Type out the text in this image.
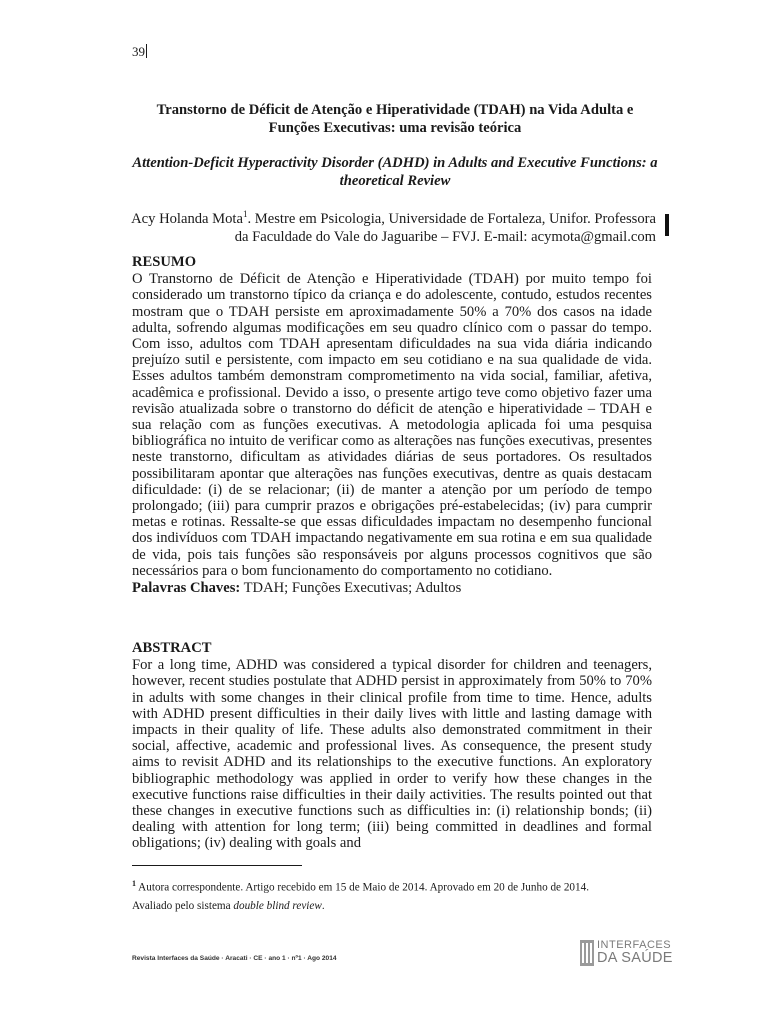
39
Transtorno de Déficit de Atenção e Hiperatividade (TDAH) na Vida Adulta e
Funções Executivas: uma revisão teórica
Attention-Deficit Hyperactivity Disorder (ADHD) in Adults and Executive Functions: a
theoretical Review
Acy Holanda Mota$^1$. Mestre em Psicologia, Universidade de Fortaleza, Unifor. Professora
da Faculdade do Vale do Jaguaribe – FVJ. E-mail: acymota@gmail.com
RESUMO
O Transtorno de Déficit de Atenção e Hiperatividade (TDAH) por muito tempo foi considerado um transtorno típico da criança e do adolescente, contudo, estudos recentes mostram que o TDAH persiste em aproximadamente 50% a 70% dos casos na idade adulta, sofrendo algumas modificações em seu quadro clínico com o passar do tempo. Com isso, adultos com TDAH apresentam dificuldades na sua vida diária indicando prejuízo sutil e persistente, com impacto em seu cotidiano e na sua qualidade de vida. Esses adultos também demonstram comprometimento na vida social, familiar, afetiva, acadêmica e profissional. Devido a isso, o presente artigo teve como objetivo fazer uma revisão atualizada sobre o transtorno do déficit de atenção e hiperatividade – TDAH e sua relação com as funções executivas. A metodologia aplicada foi uma pesquisa bibliográfica no intuito de verificar como as alterações nas funções executivas, presentes neste transtorno, dificultam as atividades diárias de seus portadores. Os resultados possibilitaram apontar que alterações nas funções executivas, dentre as quais destacam dificuldade: (i) de se relacionar; (ii) de manter a atenção por um período de tempo prolongado; (iii) para cumprir prazos e obrigações pré-estabelecidas; (iv) para cumprir metas e rotinas. Ressalte-se que essas dificuldades impactam no desempenho funcional dos indivíduos com TDAH impactando negativamente em sua rotina e em sua qualidade de vida, pois tais funções são responsáveis por alguns processos cognitivos que são necessários para o bom funcionamento do comportamento no cotidiano.
Palavras Chaves: TDAH; Funções Executivas; Adultos
ABSTRACT
For a long time, ADHD was considered a typical disorder for children and teenagers, however, recent studies postulate that ADHD persist in approximately from 50% to 70% in adults with some changes in their clinical profile from time to time. Hence, adults with ADHD present difficulties in their daily lives with little and lasting damage with impacts in their quality of life. These adults also demonstrated commitment in their social, affective, academic and professional lives. As consequence, the present study aims to revisit ADHD and its relationships to the executive functions. An exploratory bibliographic methodology was applied in order to verify how these changes in the executive functions raise difficulties in their daily activities. The results pointed out that these changes in executive functions such as difficulties in: (i) relationship bonds; (ii) dealing with attention for long term; (iii) being committed in deadlines and formal obligations; (iv) dealing with goals and
$^1$ Autora correspondente. Artigo recebido em 15 de Maio de 2014. Aprovado em 20 de Junho de 2014.
Avaliado pelo sistema double blind review.
Revista Interfaces da Saúde · Aracati · CE · ano 1 · nº1 · Ago 2014
INTERFACES
DA SAÚDE
